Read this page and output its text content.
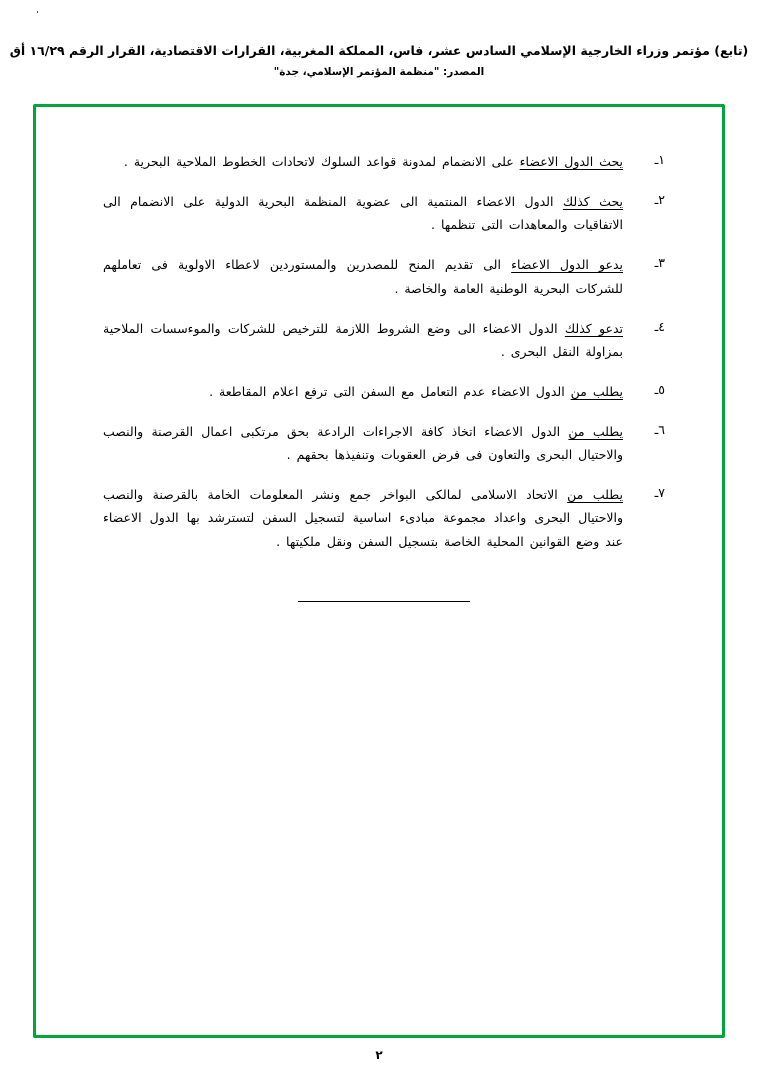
،
(تابع) مؤتمر وزراء الخارجية الإسلامي السادس عشر، فاس، المملكة المغربية، القرارات الاقتصادية، القرار الرقم ١٦/٢٩ أق
المصدر: "منظمة المؤتمر الإسلامي، جدة"
١ـ
يحث الدول الاعضاء على الانضمام لمدونة قواعد السلوك لاتحادات الخطوط الملاحية البحرية .
٢ـ
يحث كذلك الدول الاعضاء المنتمية الى عضوية المنظمة البحرية الدولية على الانضمام الى الاتفاقيات والمعاهدات التى تنظمها .
٣ـ
يدعو الدول الاعضاء الى تقديم المنح للمصدرين والمستوردين لاعطاء الاولوية فى تعاملهم للشركات البحرية الوطنية العامة والخاصة .
٤ـ
تدعو كذلك الدول الاعضاء الى وضع الشروط اللازمة للترخيص للشركات والموءسسات الملاحية بمزاولة النقل البحرى .
٥ـ
يطلب من الدول الاعضاء عدم التعامل مع السفن التى ترفع اعلام المقاطعة .
٦ـ
يطلب من الدول الاعضاء اتخاذ كافة الاجراءات الرادعة بحق مرتكبى اعمال القرصنة والنصب والاحتيال البحرى والتعاون فى فرض العقوبات وتنفيذها بحقهم .
٧ـ
يطلب من الاتحاد الاسلامى لمالكى البواخر جمع ونشر المعلومات الخامة بالقرصنة والنصب والاحتيال البحرى واعداد مجموعة مبادىء اساسية لتسجيل السفن لتسترشد بها الدول الاعضاء عند وضع القوانين المحلية الخاصة بتسجيل السفن ونقل ملكيتها .
٢
